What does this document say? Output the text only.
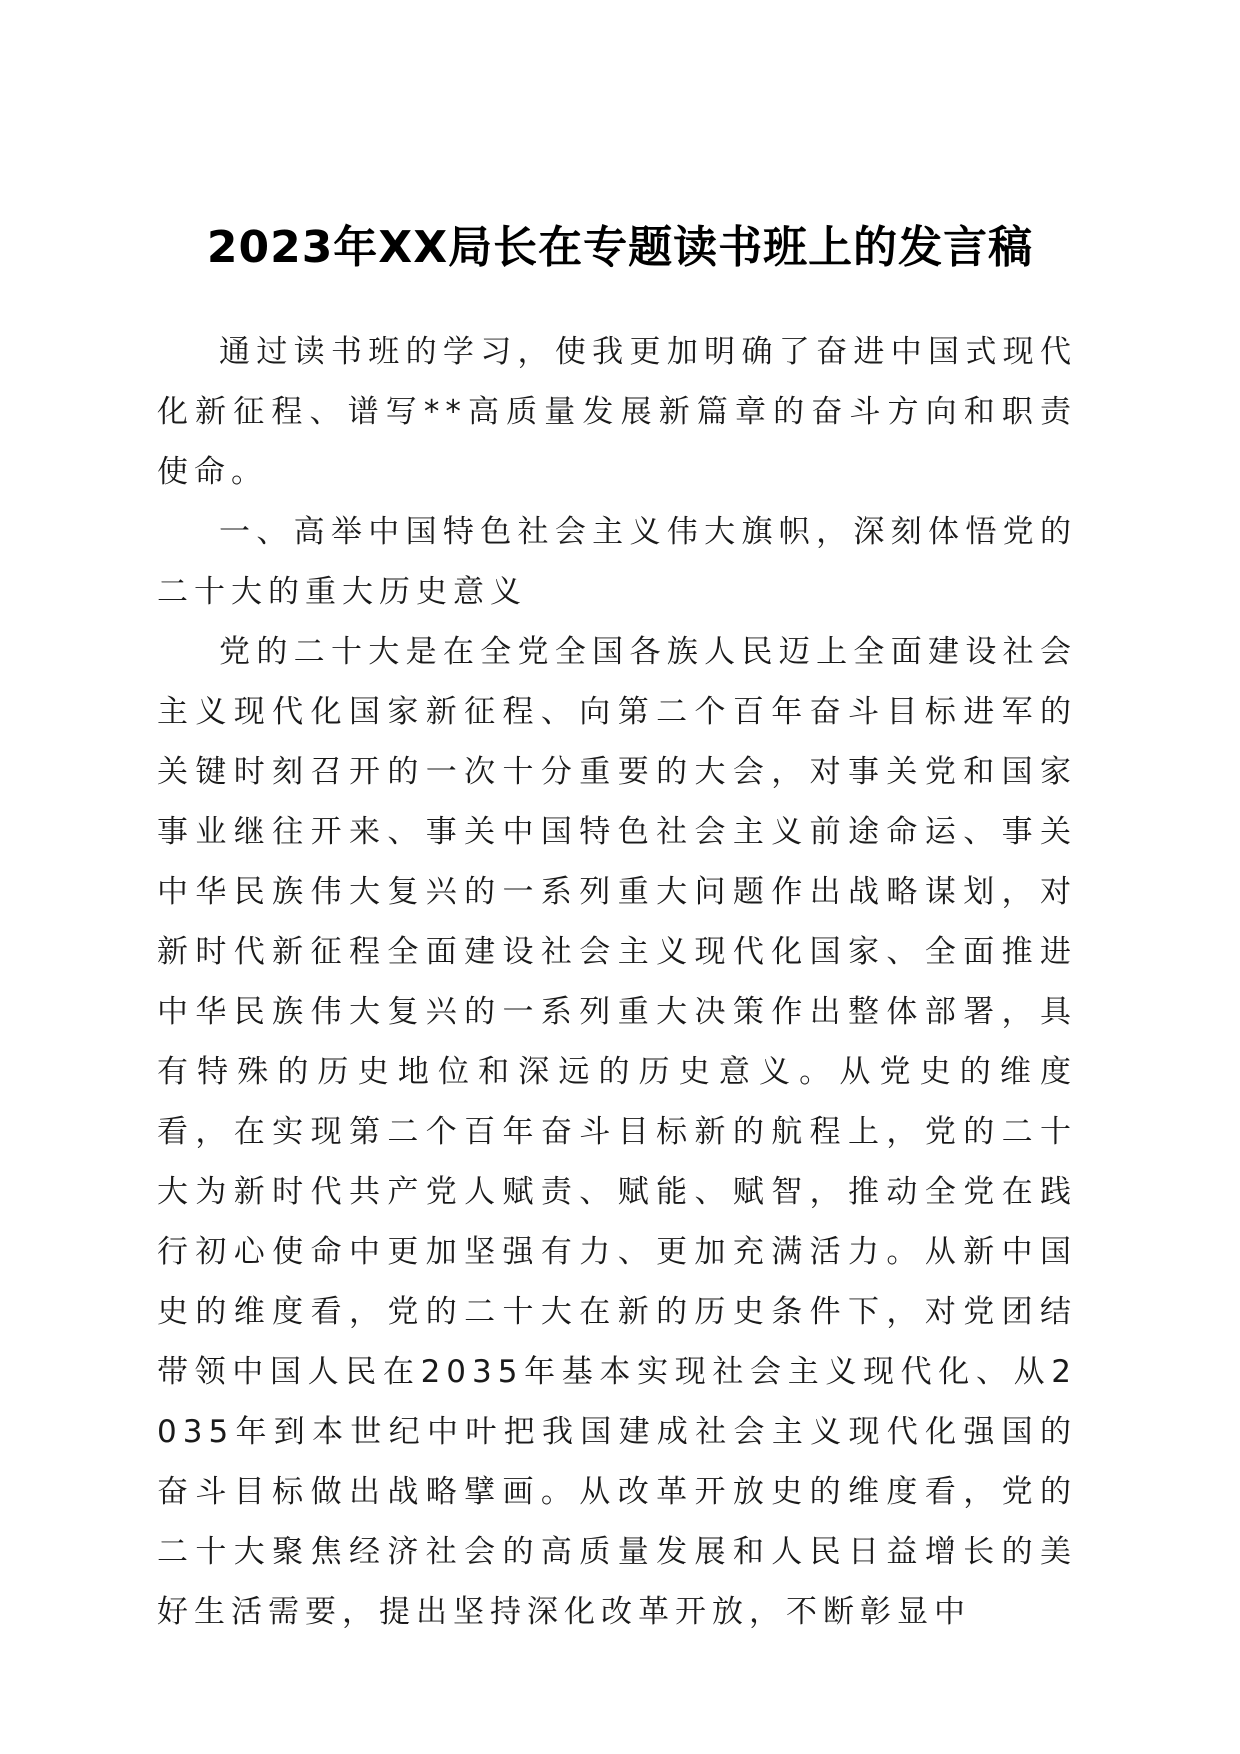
2023年XX局长在专题读书班上的发言稿

通过读书班的学习，使我更加明确了奋进中国式现代化新征程、谱写**高质量发展新篇章的奋斗方向和职责使命。

一、高举中国特色社会主义伟大旗帜，深刻体悟党的二十大的重大历史意义

党的二十大是在全党全国各族人民迈上全面建设社会主义现代化国家新征程、向第二个百年奋斗目标进军的关键时刻召开的一次十分重要的大会，对事关党和国家事业继往开来、事关中国特色社会主义前途命运、事关中华民族伟大复兴的一系列重大问题作出战略谋划，对新时代新征程全面建设社会主义现代化国家、全面推进中华民族伟大复兴的一系列重大决策作出整体部署，具有特殊的历史地位和深远的历史意义。从党史的维度看，在实现第二个百年奋斗目标新的航程上，党的二十大为新时代共产党人赋责、赋能、赋智，推动全党在践行初心使命中更加坚强有力、更加充满活力。从新中国史的维度看，党的二十大在新的历史条件下，对党团结带领中国人民在2035年基本实现社会主义现代化、从2035年到本世纪中叶把我国建成社会主义现代化强国的奋斗目标做出战略擘画。从改革开放史的维度看，党的二十大聚焦经济社会的高质量发展和人民日益增长的美好生活需要，提出坚持深化改革开放，不断彰显中
